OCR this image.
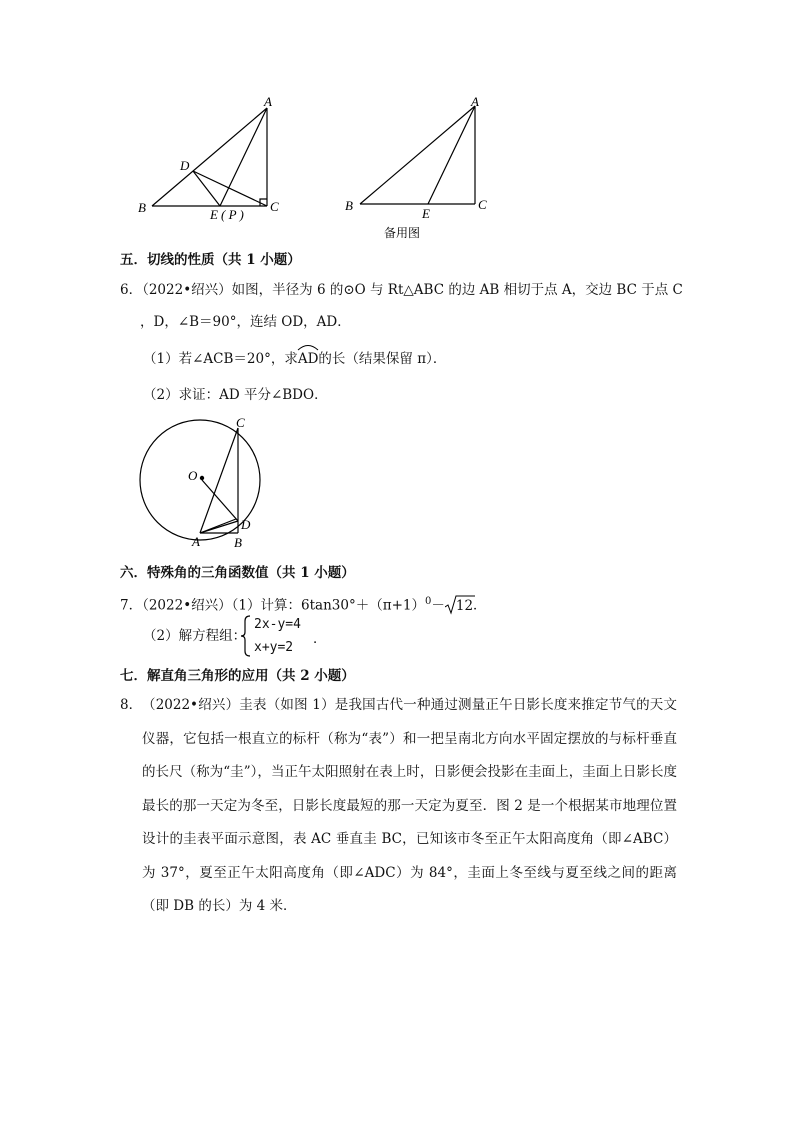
A
B	C
D
E ( P )
A
B	C
E
备用图
五．切线的性质（共 1 小题）
6．（2022•绍兴）如图，半径为 6 的⊙O 与 Rt△ABC 的边 AB 相切于点 A，交边 BC 于点 C
，D，∠B＝90°，连结 OD，AD．
（1）若∠ACB＝20°，求
AD的长（结果保留 π）．
（2）求证：AD 平分∠BDO．
O
C
D
A	B
六．特殊角的三角函数值（共 1 小题）
7．（2022•绍兴）（1）计算：$6\tan 30^\circ+(\pi+1)^0- 12$．
（2）解方程组：
2x-y=4
x+y=2
．
七．解直角三角形的应用（共 2 小题）
8． （2022•绍兴）圭表（如图 1）是我国古代一种通过测量正午日影长度来推定节气的天文仪器，它包括一根直立的标杆（称为“表”）和一把呈南北方向水平固定摆放的与标杆垂直的长尺（称为“圭”），当正午太阳照射在表上时，日影便会投影在圭面上，圭面上日影长度最长的那一天定为冬至，日影长度最短的那一天定为夏至．图 2 是一个根据某市地理位置设计的圭表平面示意图，表 AC 垂直圭 BC，已知该市冬至正午太阳高度角（即∠ABC）为 37°，夏至正午太阳高度角（即∠ADC）为 84°，圭面上冬至线与夏至线之间的距离（即 DB 的长）为 4 米．
